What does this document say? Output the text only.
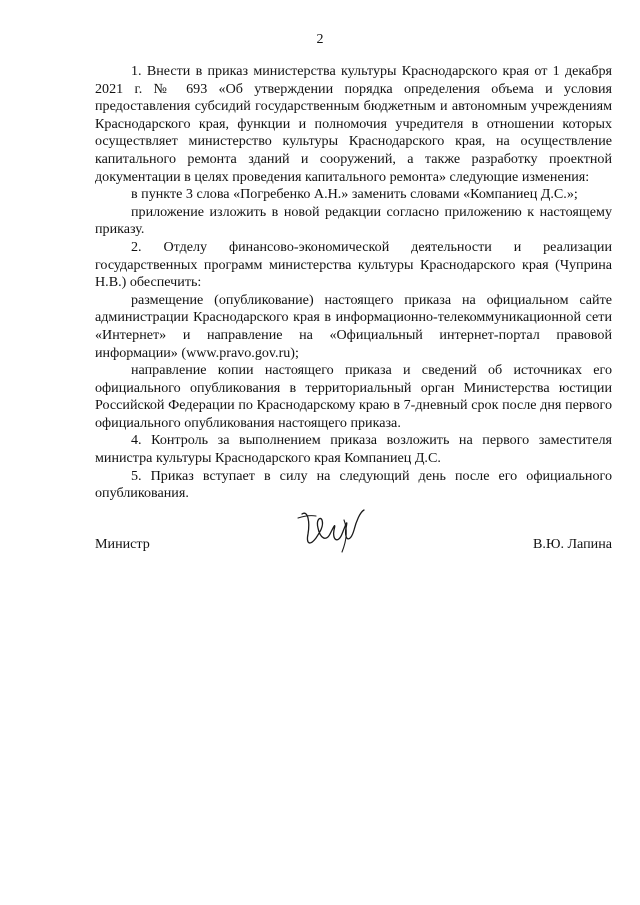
2

1. Внести в приказ министерства культуры Краснодарского края от 1 декабря 2021 г. № 693 «Об утверждении порядка определения объема и условия предоставления субсидий государственным бюджетным и автономным учреждениям Краснодарского края, функции и полномочия учредителя в отношении которых осуществляет министерство культуры Краснодарского края, на осуществление капитального ремонта зданий и сооружений, а также разработку проектной документации в целях проведения капитального ремонта» следующие изменения:

в пункте 3 слова «Погребенко А.Н.» заменить словами «Компаниец Д.С.»;

приложение изложить в новой редакции согласно приложению к настоящему приказу.

2. Отделу финансово-экономической деятельности и реализации государственных программ министерства культуры Краснодарского края (Чуприна Н.В.) обеспечить:

размещение (опубликование) настоящего приказа на официальном сайте администрации Краснодарского края в информационно-телекоммуникационной сети «Интернет» и направление на «Официальный интернет-портал правовой информации» (www.pravo.gov.ru);

направление копии настоящего приказа и сведений об источниках его официального опубликования в территориальный орган Министерства юстиции Российской Федерации по Краснодарскому краю в 7-дневный срок после дня первого официального опубликования настоящего приказа.

4. Контроль за выполнением приказа возложить на первого заместителя министра культуры Краснодарского края Компаниец Д.С.

5. Приказ вступает в силу на следующий день после его официального опубликования.

Министр	В.Ю. Лапина
